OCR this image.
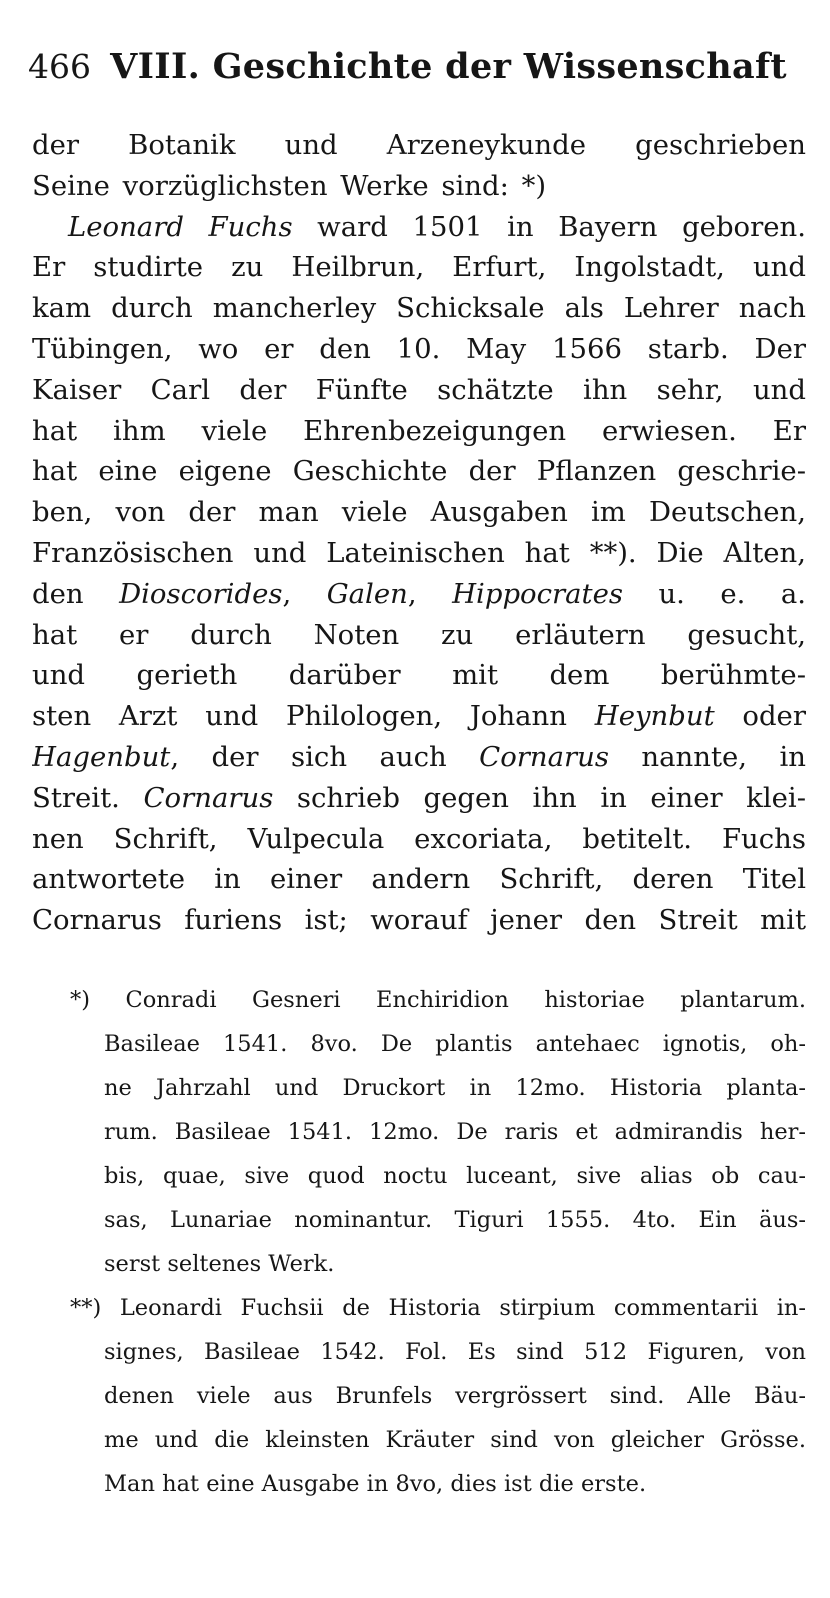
466 VIII. Geschichte der Wissenschaft
der Botanik und Arzeneykunde geschrieben
Seine vorzüglichsten Werke sind: *)
Leonard Fuchs ward 1501 in Bayern geboren.
Er studirte zu Heilbrun, Erfurt, Ingolstadt, und
kam durch mancherley Schicksale als Lehrer nach
Tübingen, wo er den 10. May 1566 starb. Der
Kaiser Carl der Fünfte schätzte ihn sehr, und
hat ihm viele Ehrenbezeigungen erwiesen. Er
hat eine eigene Geschichte der Pflanzen geschrie-
ben, von der man viele Ausgaben im Deutschen,
Französischen und Lateinischen hat **). Die Alten,
den Dioscorides, Galen, Hippocrates u. e. a.
hat er durch Noten zu erläutern gesucht,
und gerieth darüber mit dem berühmte-
sten Arzt und Philologen, Johann Heynbut oder
Hagenbut, der sich auch Cornarus nannte, in
Streit. Cornarus schrieb gegen ihn in einer klei-
nen Schrift, Vulpecula excoriata, betitelt. Fuchs
antwortete in einer andern Schrift, deren Titel
Cornarus furiens ist; worauf jener den Streit mit
*) Conradi Gesneri Enchiridion historiae plantarum.
Basileae 1541. 8vo. De plantis antehaec ignotis, oh-
ne Jahrzahl und Druckort in 12mo. Historia planta-
rum. Basileae 1541. 12mo. De raris et admirandis her-
bis, quae, sive quod noctu luceant, sive alias ob cau-
sas, Lunariae nominantur. Tiguri 1555. 4to. Ein äus-
serst seltenes Werk.
**) Leonardi Fuchsii de Historia stirpium commentarii in-
signes, Basileae 1542. Fol. Es sind 512 Figuren, von
denen viele aus Brunfels vergrössert sind. Alle Bäu-
me und die kleinsten Kräuter sind von gleicher Grösse.
Man hat eine Ausgabe in 8vo, dies ist die erste.
